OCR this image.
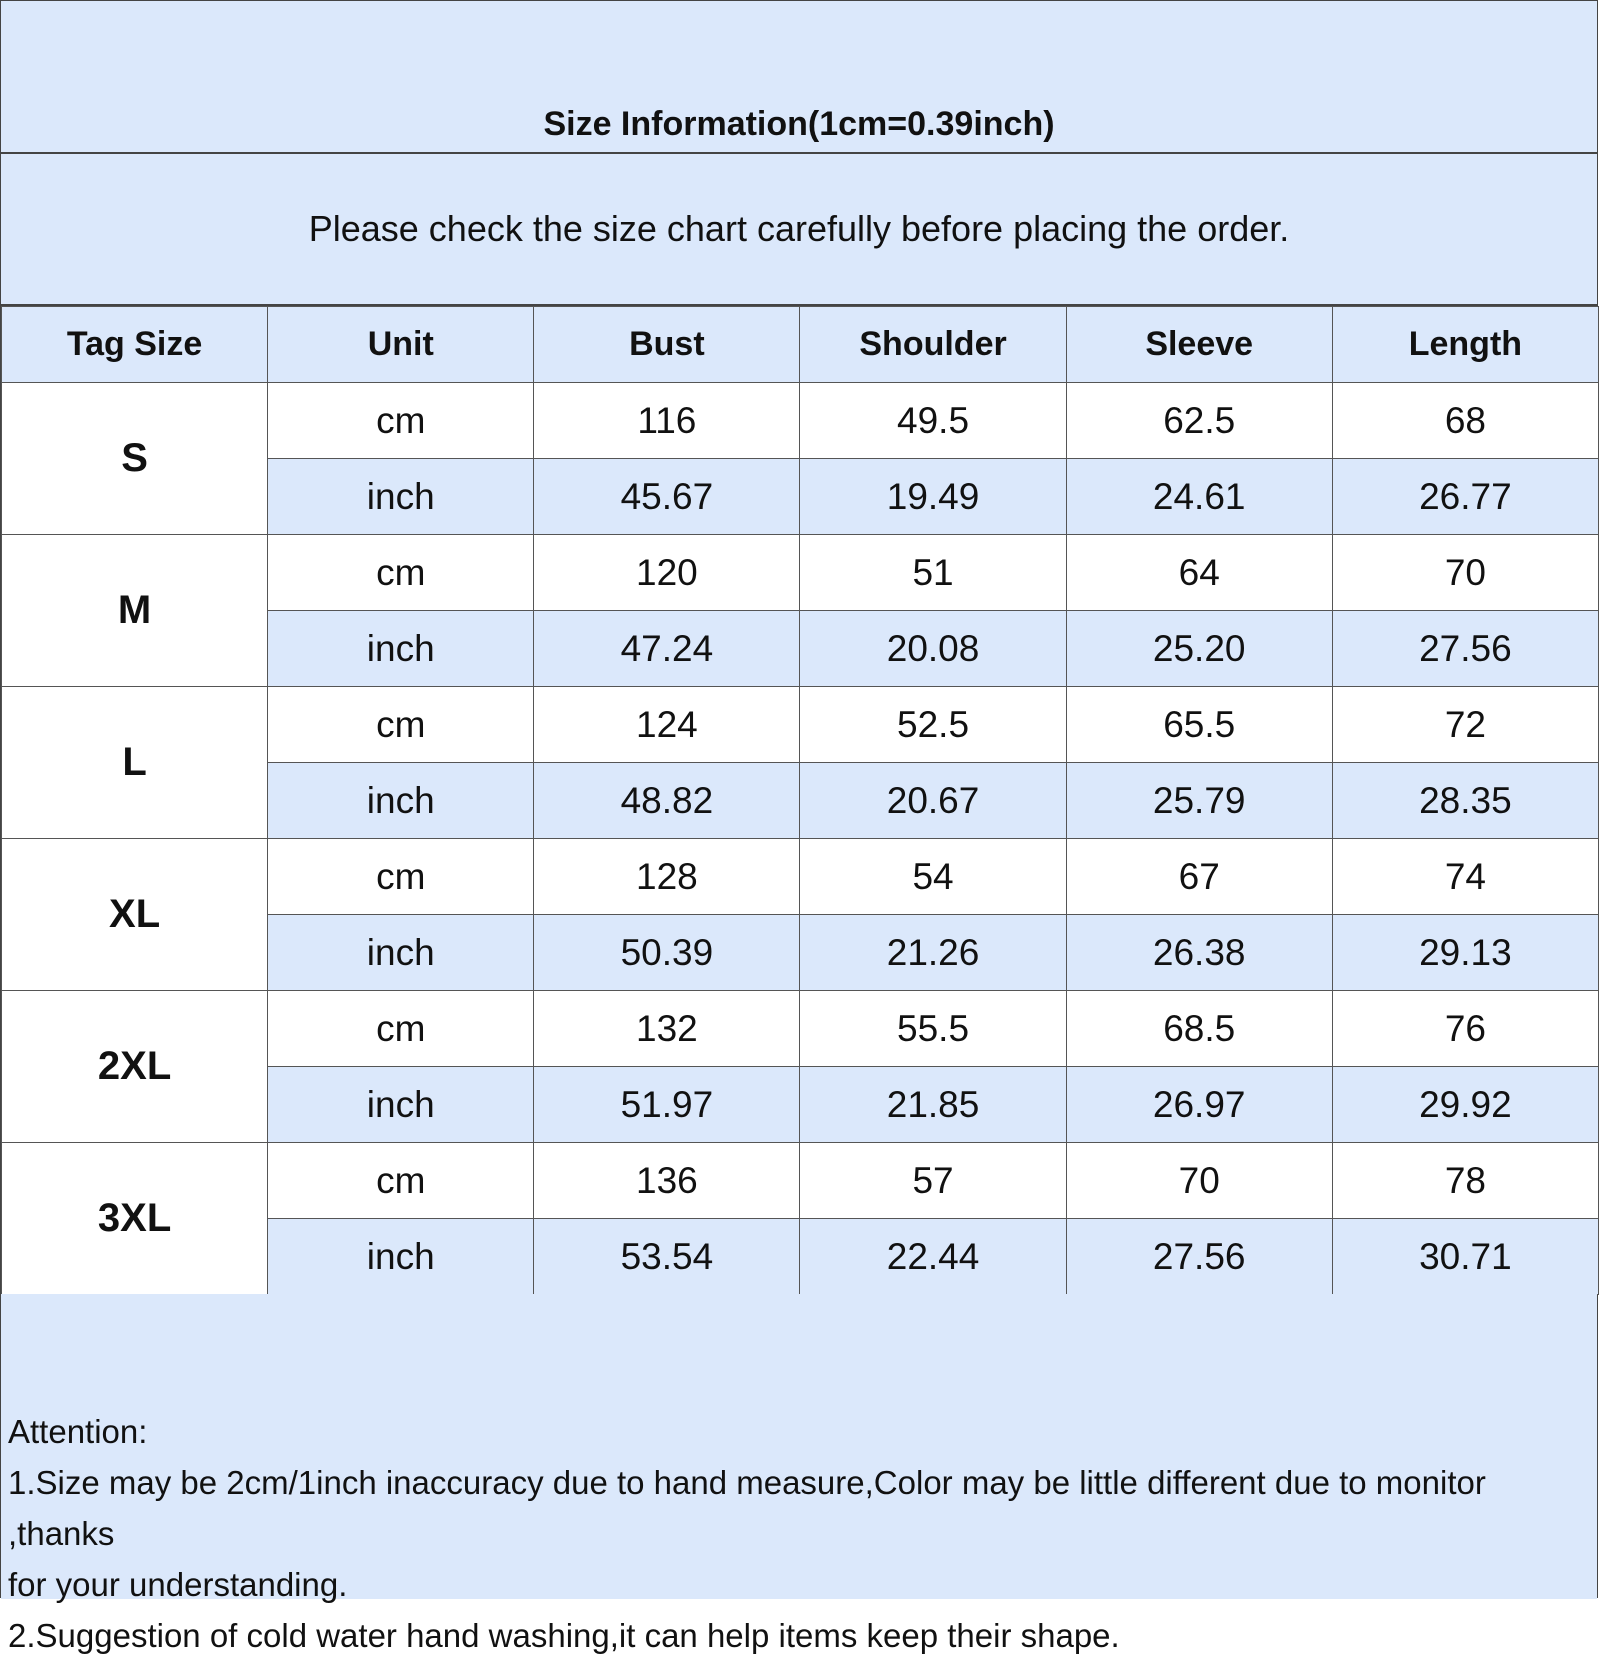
Size Information(1cm=0.39inch)
Please check the size chart carefully before placing the order.
Tag Size	Unit	Bust	Shoulder	Sleeve	Length
S	cm	116	49.5	62.5	68
	inch	45.67	19.49	24.61	26.77
M	cm	120	51	64	70
	inch	47.24	20.08	25.20	27.56
L	cm	124	52.5	65.5	72
	inch	48.82	20.67	25.79	28.35
XL	cm	128	54	67	74
	inch	50.39	21.26	26.38	29.13
2XL	cm	132	55.5	68.5	76
	inch	51.97	21.85	26.97	29.92
3XL	cm	136	57	70	78
	inch	53.54	22.44	27.56	30.71
Attention:
1.Size may be 2cm/1inch inaccuracy due to hand measure,Color may be little different due to monitor ,thanks
for your understanding.
2.Suggestion of cold water hand washing,it can help items keep their shape.
